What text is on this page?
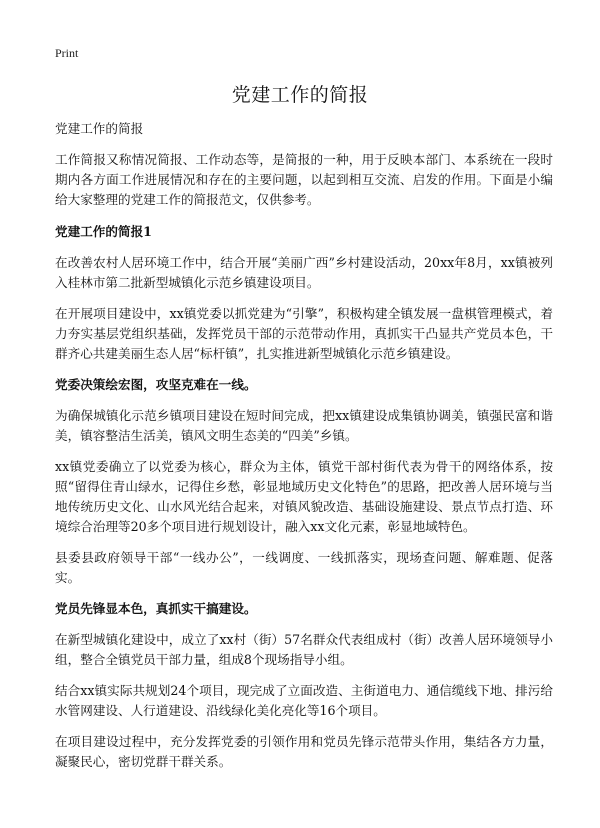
Print
党建工作的简报

党建工作的简报

工作简报又称情况简报、工作动态等，是简报的一种，用于反映本部门、本系统在一段时期内各方面工作进展情况和存在的主要问题，以起到相互交流、启发的作用。下面是小编给大家整理的党建工作的简报范文，仅供参考。

党建工作的简报1

在改善农村人居环境工作中，结合开展“美丽广西”乡村建设活动，20xx年8月，xx镇被列入桂林市第二批新型城镇化示范乡镇建设项目。

在开展项目建设中，xx镇党委以抓党建为“引擎”，积极构建全镇发展一盘棋管理模式，着力夯实基层党组织基础，发挥党员干部的示范带动作用，真抓实干凸显共产党员本色，干群齐心共建美丽生态人居“标杆镇”，扎实推进新型城镇化示范乡镇建设。

党委决策绘宏图，攻坚克难在一线。

为确保城镇化示范乡镇项目建设在短时间完成，把xx镇建设成集镇协调美，镇强民富和谐美，镇容整洁生活美，镇风文明生态美的“四美”乡镇。

xx镇党委确立了以党委为核心，群众为主体，镇党干部村街代表为骨干的网络体系，按照“留得住青山绿水，记得住乡愁，彰显地域历史文化特色”的思路，把改善人居环境与当地传统历史文化、山水风光结合起来，对镇风貌改造、基础设施建设、景点节点打造、环境综合治理等20多个项目进行规划设计，融入xx文化元素，彰显地域特色。

县委县政府领导干部“一线办公”，一线调度、一线抓落实，现场查问题、解难题、促落实。

党员先锋显本色，真抓实干搞建设。

在新型城镇化建设中，成立了xx村（街）57名群众代表组成村（街）改善人居环境领导小组，整合全镇党员干部力量，组成8个现场指导小组。

结合xx镇实际共规划24个项目，现完成了立面改造、主街道电力、通信缆线下地、排污给水管网建设、人行道建设、沿线绿化美化亮化等16个项目。

在项目建设过程中，充分发挥党委的引领作用和党员先锋示范带头作用，集结各方力量，凝聚民心，密切党群干群关系。
